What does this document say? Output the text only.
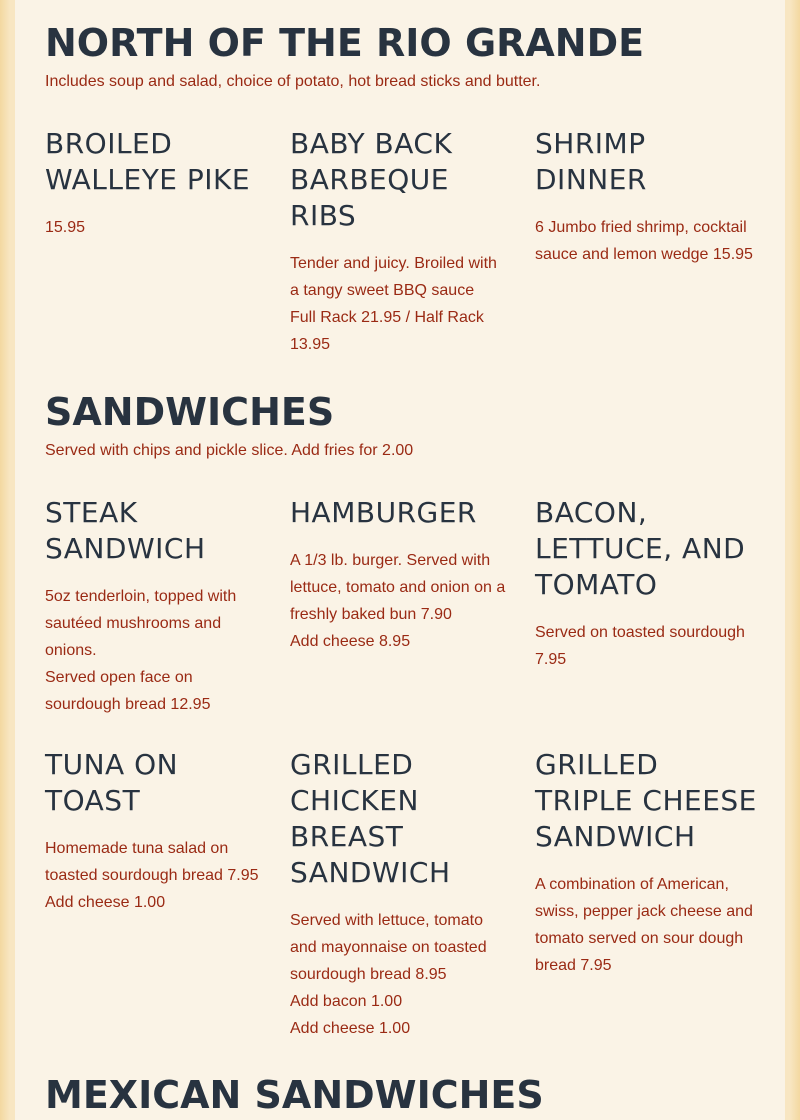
NORTH OF THE RIO GRANDE

Includes soup and salad, choice of potato, hot bread sticks and butter.

BROILED WALLEYE PIKE

15.95

BABY BACK BARBEQUE RIBS

Tender and juicy. Broiled with a tangy sweet BBQ sauce
Full Rack 21.95 / Half Rack 13.95

SHRIMP DINNER

6 Jumbo fried shrimp, cocktail sauce and lemon wedge 15.95

SANDWICHES

Served with chips and pickle slice. Add fries for 2.00

STEAK SANDWICH

5oz tenderloin, topped with sautéed mushrooms and onions.
Served open face on sourdough bread 12.95

HAMBURGER

A 1/3 lb. burger. Served with lettuce, tomato and onion on a freshly baked bun 7.90
Add cheese 8.95

BACON, LETTUCE, AND TOMATO

Served on toasted sourdough 7.95

TUNA ON TOAST

Homemade tuna salad on toasted sourdough bread 7.95
Add cheese 1.00

GRILLED CHICKEN BREAST SANDWICH

Served with lettuce, tomato and mayonnaise on toasted sourdough bread 8.95
Add bacon 1.00
Add cheese 1.00

GRILLED TRIPLE CHEESE SANDWICH

A combination of American, swiss, pepper jack cheese and tomato served on sour dough bread 7.95

MEXICAN SANDWICHES
